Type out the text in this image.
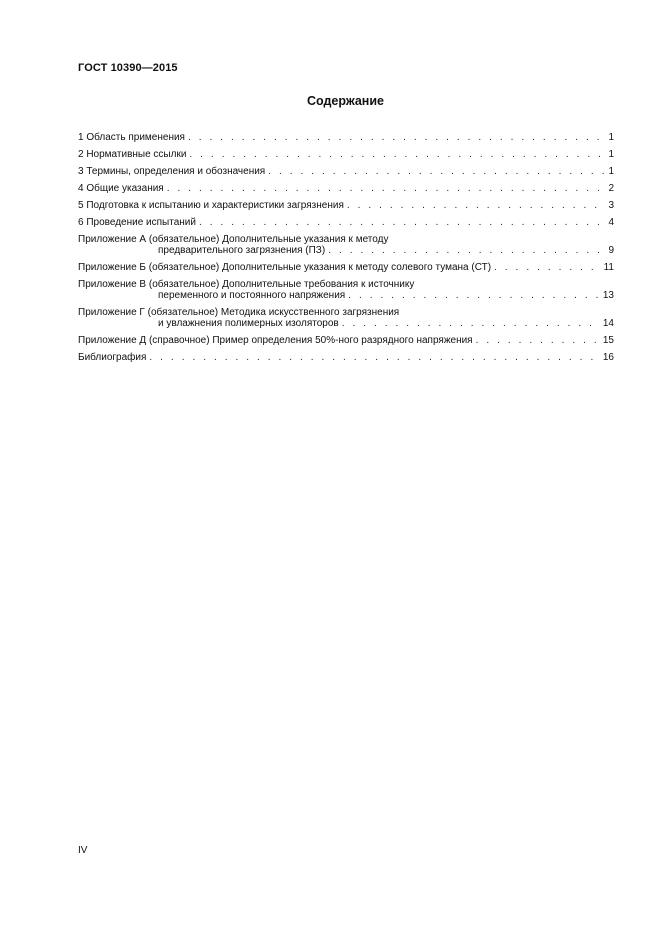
ГОСТ 10390—2015
Содержание
1 Область применения . . .	1
2 Нормативные ссылки . . .	1
3 Термины, определения и обозначения . . .	1
4 Общие указания . . .	2
5 Подготовка к испытанию и характеристики загрязнения . . .	3
6 Проведение испытаний . . .	4
Приложение А (обязательное) Дополнительные указания к методу
предварительного загрязнения (ПЗ) . . .	9
Приложение Б (обязательное) Дополнительные указания к методу солевого тумана (СТ) . . .	11
Приложение В (обязательное) Дополнительные требования к источнику
переменного и постоянного напряжения . . .	13
Приложение Г (обязательное) Методика искусственного загрязнения
и увлажнения полимерных изоляторов . . .	14
Приложение Д (справочное) Пример определения 50%-ного разрядного напряжения . . .	15
Библиография . . .	16
IV
